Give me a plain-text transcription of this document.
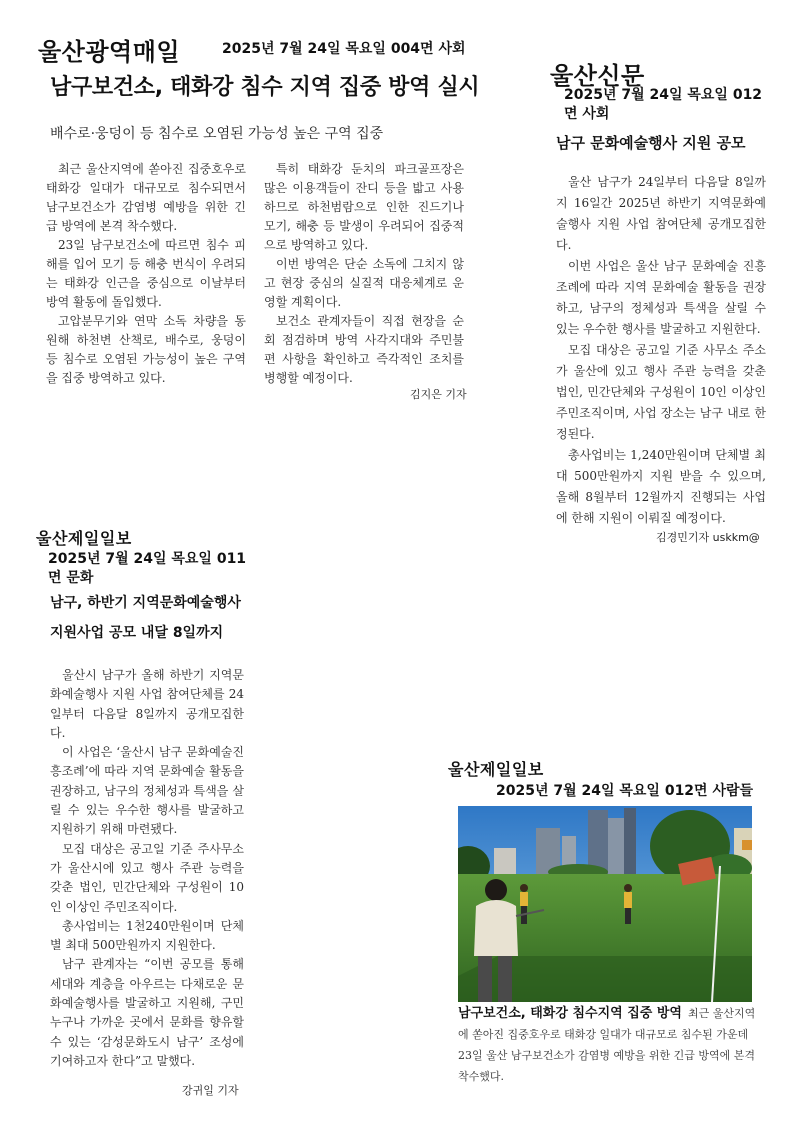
울산광역매일	2025년 7월 24일 목요일 004면 사회
남구보건소, 태화강 침수 지역 집중 방역 실시
배수로·웅덩이 등 침수로 오염된 가능성 높은 구역 집중

최근 울산지역에 쏟아진 집중호우로 태화강 일대가 대규모로 침수되면서 남구보건소가 감염병 예방을 위한 긴급 방역에 본격 착수했다.

23일 남구보건소에 따르면 침수 피해를 입어 모기 등 해충 번식이 우려되는 태화강 인근을 중심으로 이날부터 방역 활동에 돌입했다.

고압분무기와 연막 소독 차량을 동원해 하천변 산책로, 배수로, 웅덩이 등 침수로 오염된 가능성이 높은 구역을 집중 방역하고 있다.

특히 태화강 둔치의 파크골프장은 많은 이용객들이 잔디 등을 밟고 사용하므로 하천범람으로 인한 진드기나 모기, 해충 등 발생이 우려되어 집중적으로 방역하고 있다.

이번 방역은 단순 소독에 그치지 않고 현장 중심의 실질적 대응체계로 운영할 계획이다.

보건소 관계자들이 직접 현장을 순회 점검하며 방역 사각지대와 주민불편 사항을 확인하고 즉각적인 조치를 병행할 예정이다.

김지은 기자
울산신문
2025년 7월 24일 목요일 012면 사회
남구 문화예술행사 지원 공모

울산 남구가 24일부터 다음달 8일까지 16일간 2025년 하반기 지역문화예술행사 지원 사업 참여단체 공개모집한다.

이번 사업은 울산 남구 문화예술 진흥조례에 따라 지역 문화예술 활동을 권장하고, 남구의 정체성과 특색을 살릴 수 있는 우수한 행사를 발굴하고 지원한다.

모집 대상은 공고일 기준 사무소 주소가 울산에 있고 행사 주관 능력을 갖춘 법인, 민간단체와 구성원이 10인 이상인 주민조직이며, 사업 장소는 남구 내로 한정된다.

총사업비는 1,240만원이며 단체별 최대 500만원까지 지원 받을 수 있으며, 올해 8월부터 12월까지 진행되는 사업에 한해 지원이 이뤄질 예정이다.

김경민기자 uskkm@
울산제일일보
2025년 7월 24일 목요일 011면 문화
남구, 하반기 지역문화예술행사
지원사업 공모 내달 8일까지

울산시 남구가 올해 하반기 지역문화예술행사 지원 사업 참여단체를 24일부터 다음달 8일까지 공개모집한다.

이 사업은 ‘울산시 남구 문화예술진흥조례’에 따라 지역 문화예술 활동을 권장하고, 남구의 정체성과 특색을 살릴 수 있는 우수한 행사를 발굴하고 지원하기 위해 마련됐다.

모집 대상은 공고일 기준 주사무소가 울산시에 있고 행사 주관 능력을 갖춘 법인, 민간단체와 구성원이 10인 이상인 주민조직이다.

총사업비는 1천240만원이며 단체별 최대 500만원까지 지원한다.

남구 관계자는 “이번 공모를 통해 세대와 계층을 아우르는 다채로운 문화예술행사를 발굴하고 지원해, 구민 누구나 가까운 곳에서 문화를 향유할 수 있는 ‘감성문화도시 남구’ 조성에 기여하고자 한다”고 말했다.

강귀일 기자
울산제일일보
2025년 7월 24일 목요일 012면 사람들
남구보건소, 태화강 침수지역 집중 방역 최근 울산지역에 쏟아진 집중호우로 태화강 일대가 대규모로 침수된 가운데 23일 울산 남구보건소가 감염병 예방을 위한 긴급 방역에 본격 착수했다.
